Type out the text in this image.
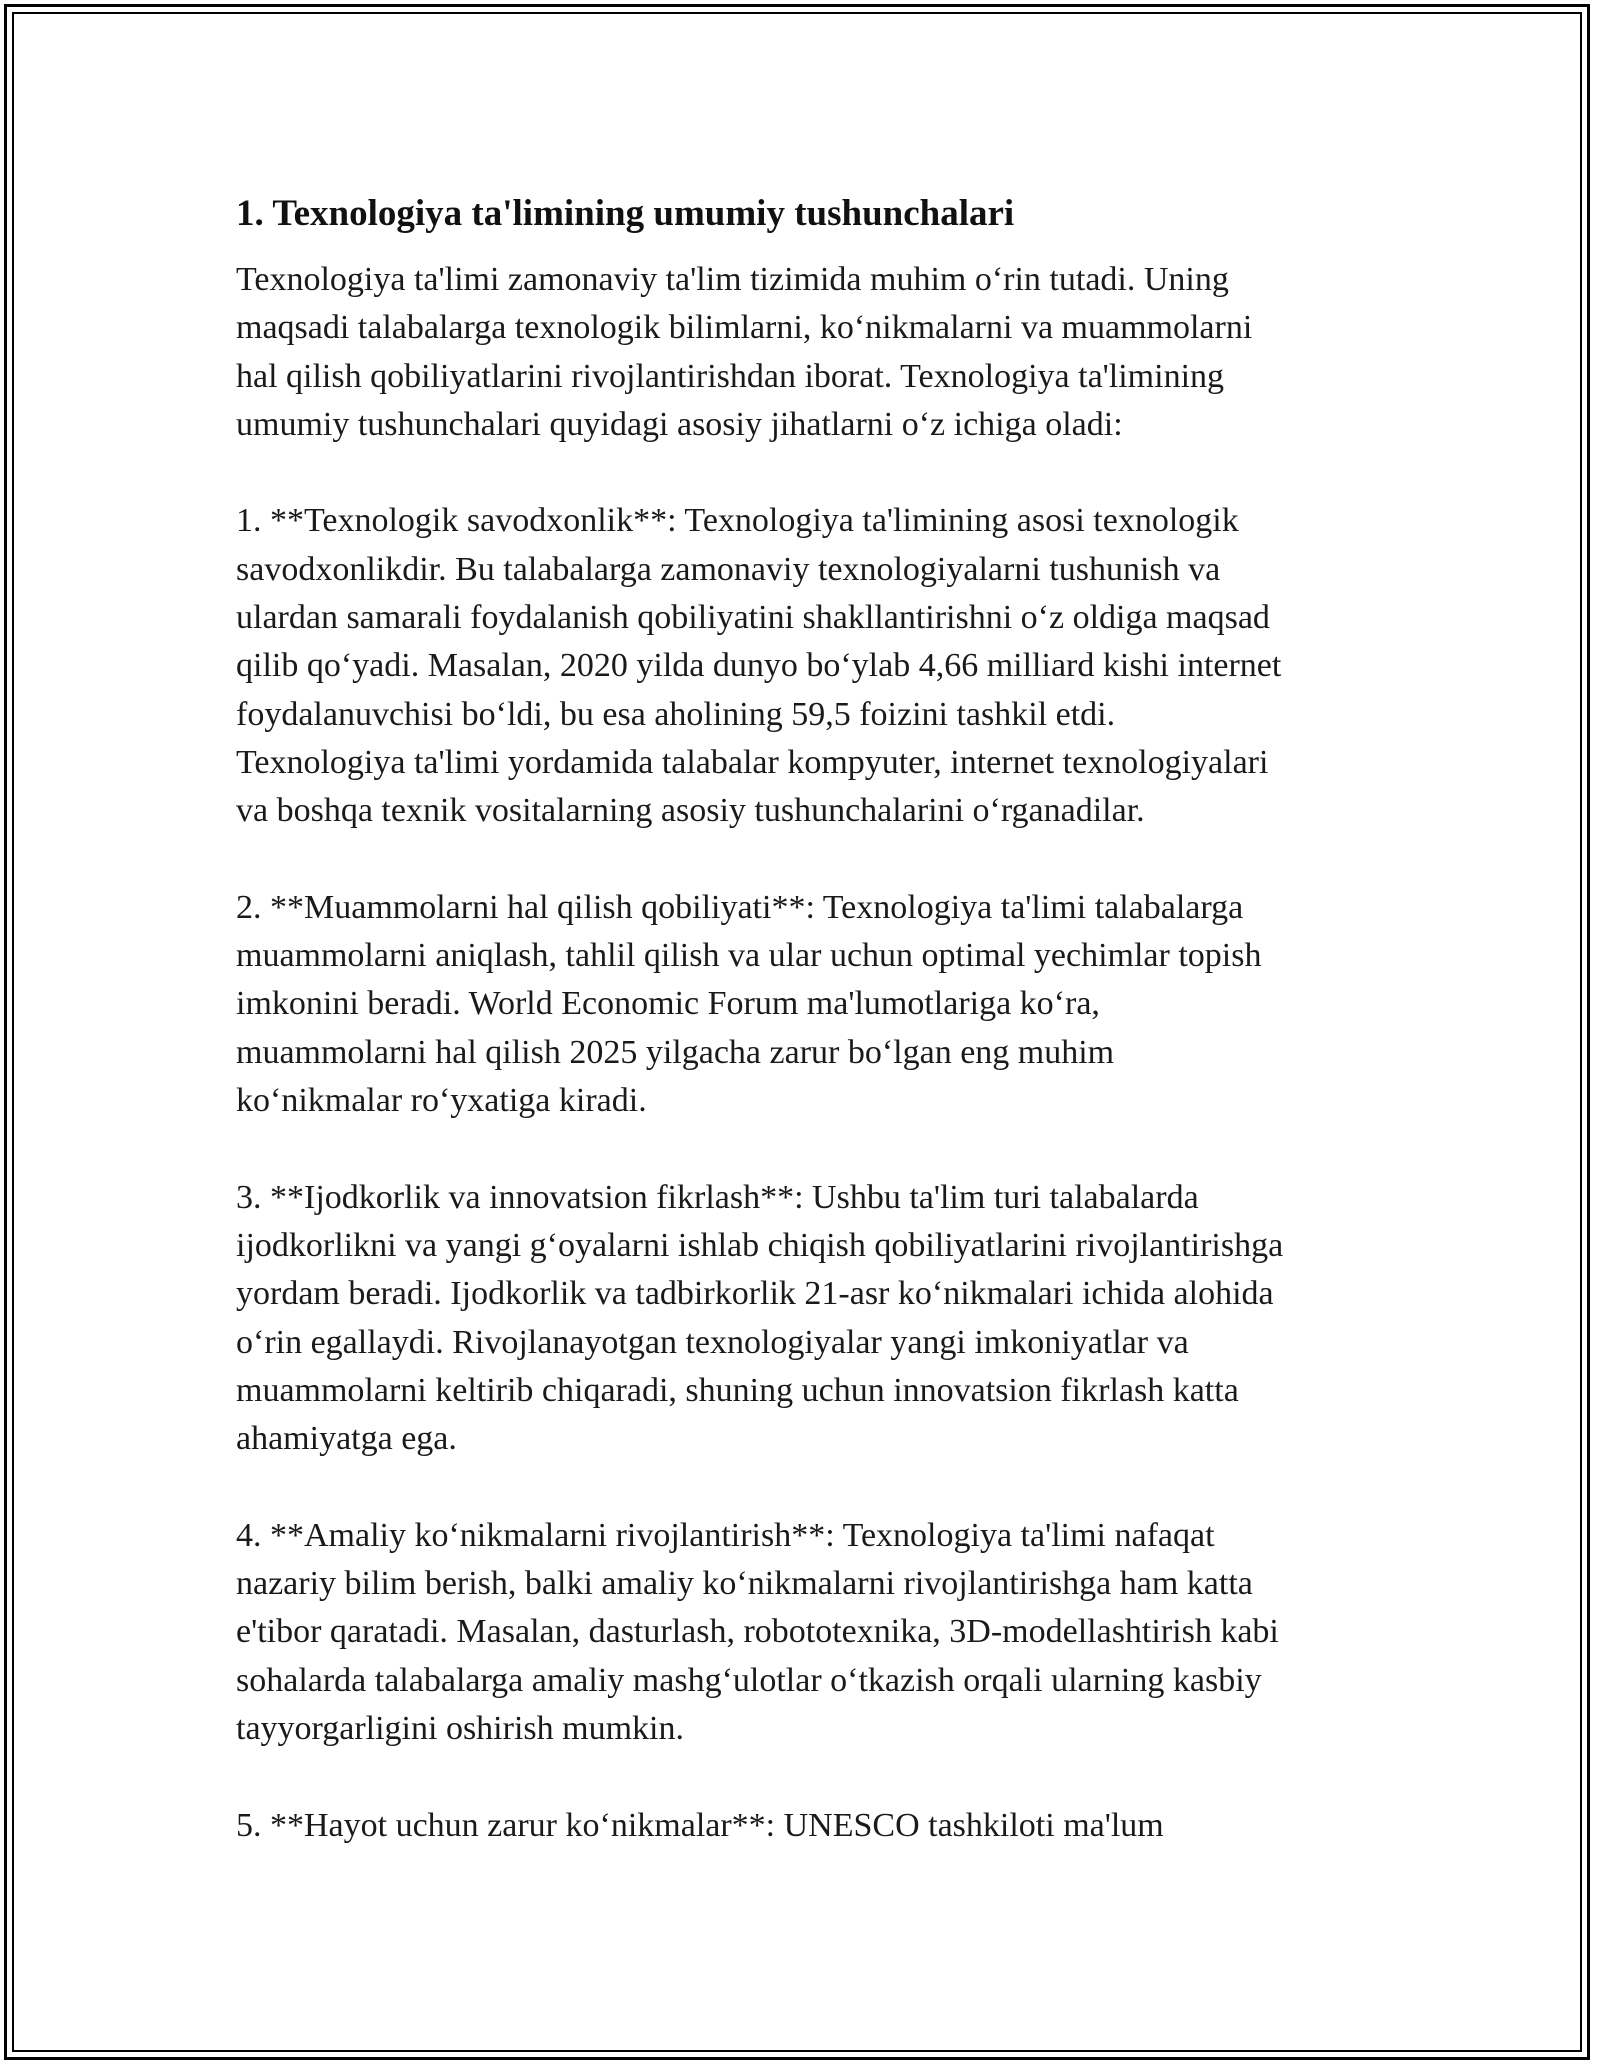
1. Texnologiya ta'limining umumiy tushunchalari

Texnologiya ta'limi zamonaviy ta'lim tizimida muhim o‘rin tutadi. Uning
maqsadi talabalarga texnologik bilimlarni, ko‘nikmalarni va muammolarni
hal qilish qobiliyatlarini rivojlantirishdan iborat. Texnologiya ta'limining
umumiy tushunchalari quyidagi asosiy jihatlarni o‘z ichiga oladi:

1. **Texnologik savodxonlik**: Texnologiya ta'limining asosi texnologik
savodxonlikdir. Bu talabalarga zamonaviy texnologiyalarni tushunish va
ulardan samarali foydalanish qobiliyatini shakllantirishni o‘z oldiga maqsad
qilib qo‘yadi. Masalan, 2020 yilda dunyo bo‘ylab 4,66 milliard kishi internet
foydalanuvchisi bo‘ldi, bu esa aholining 59,5 foizini tashkil etdi.
Texnologiya ta'limi yordamida talabalar kompyuter, internet texnologiyalari
va boshqa texnik vositalarning asosiy tushunchalarini o‘rganadilar.

2. **Muammolarni hal qilish qobiliyati**: Texnologiya ta'limi talabalarga
muammolarni aniqlash, tahlil qilish va ular uchun optimal yechimlar topish
imkonini beradi. World Economic Forum ma'lumotlariga ko‘ra,
muammolarni hal qilish 2025 yilgacha zarur bo‘lgan eng muhim
ko‘nikmalar ro‘yxatiga kiradi.

3. **Ijodkorlik va innovatsion fikrlash**: Ushbu ta'lim turi talabalarda
ijodkorlikni va yangi g‘oyalarni ishlab chiqish qobiliyatlarini rivojlantirishga
yordam beradi. Ijodkorlik va tadbirkorlik 21-asr ko‘nikmalari ichida alohida
o‘rin egallaydi. Rivojlanayotgan texnologiyalar yangi imkoniyatlar va
muammolarni keltirib chiqaradi, shuning uchun innovatsion fikrlash katta
ahamiyatga ega.

4. **Amaliy ko‘nikmalarni rivojlantirish**: Texnologiya ta'limi nafaqat
nazariy bilim berish, balki amaliy ko‘nikmalarni rivojlantirishga ham katta
e'tibor qaratadi. Masalan, dasturlash, robototexnika, 3D-modellashtirish kabi
sohalarda talabalarga amaliy mashg‘ulotlar o‘tkazish orqali ularning kasbiy
tayyorgarligini oshirish mumkin.

5. **Hayot uchun zarur ko‘nikmalar**: UNESCO tashkiloti ma'lum
